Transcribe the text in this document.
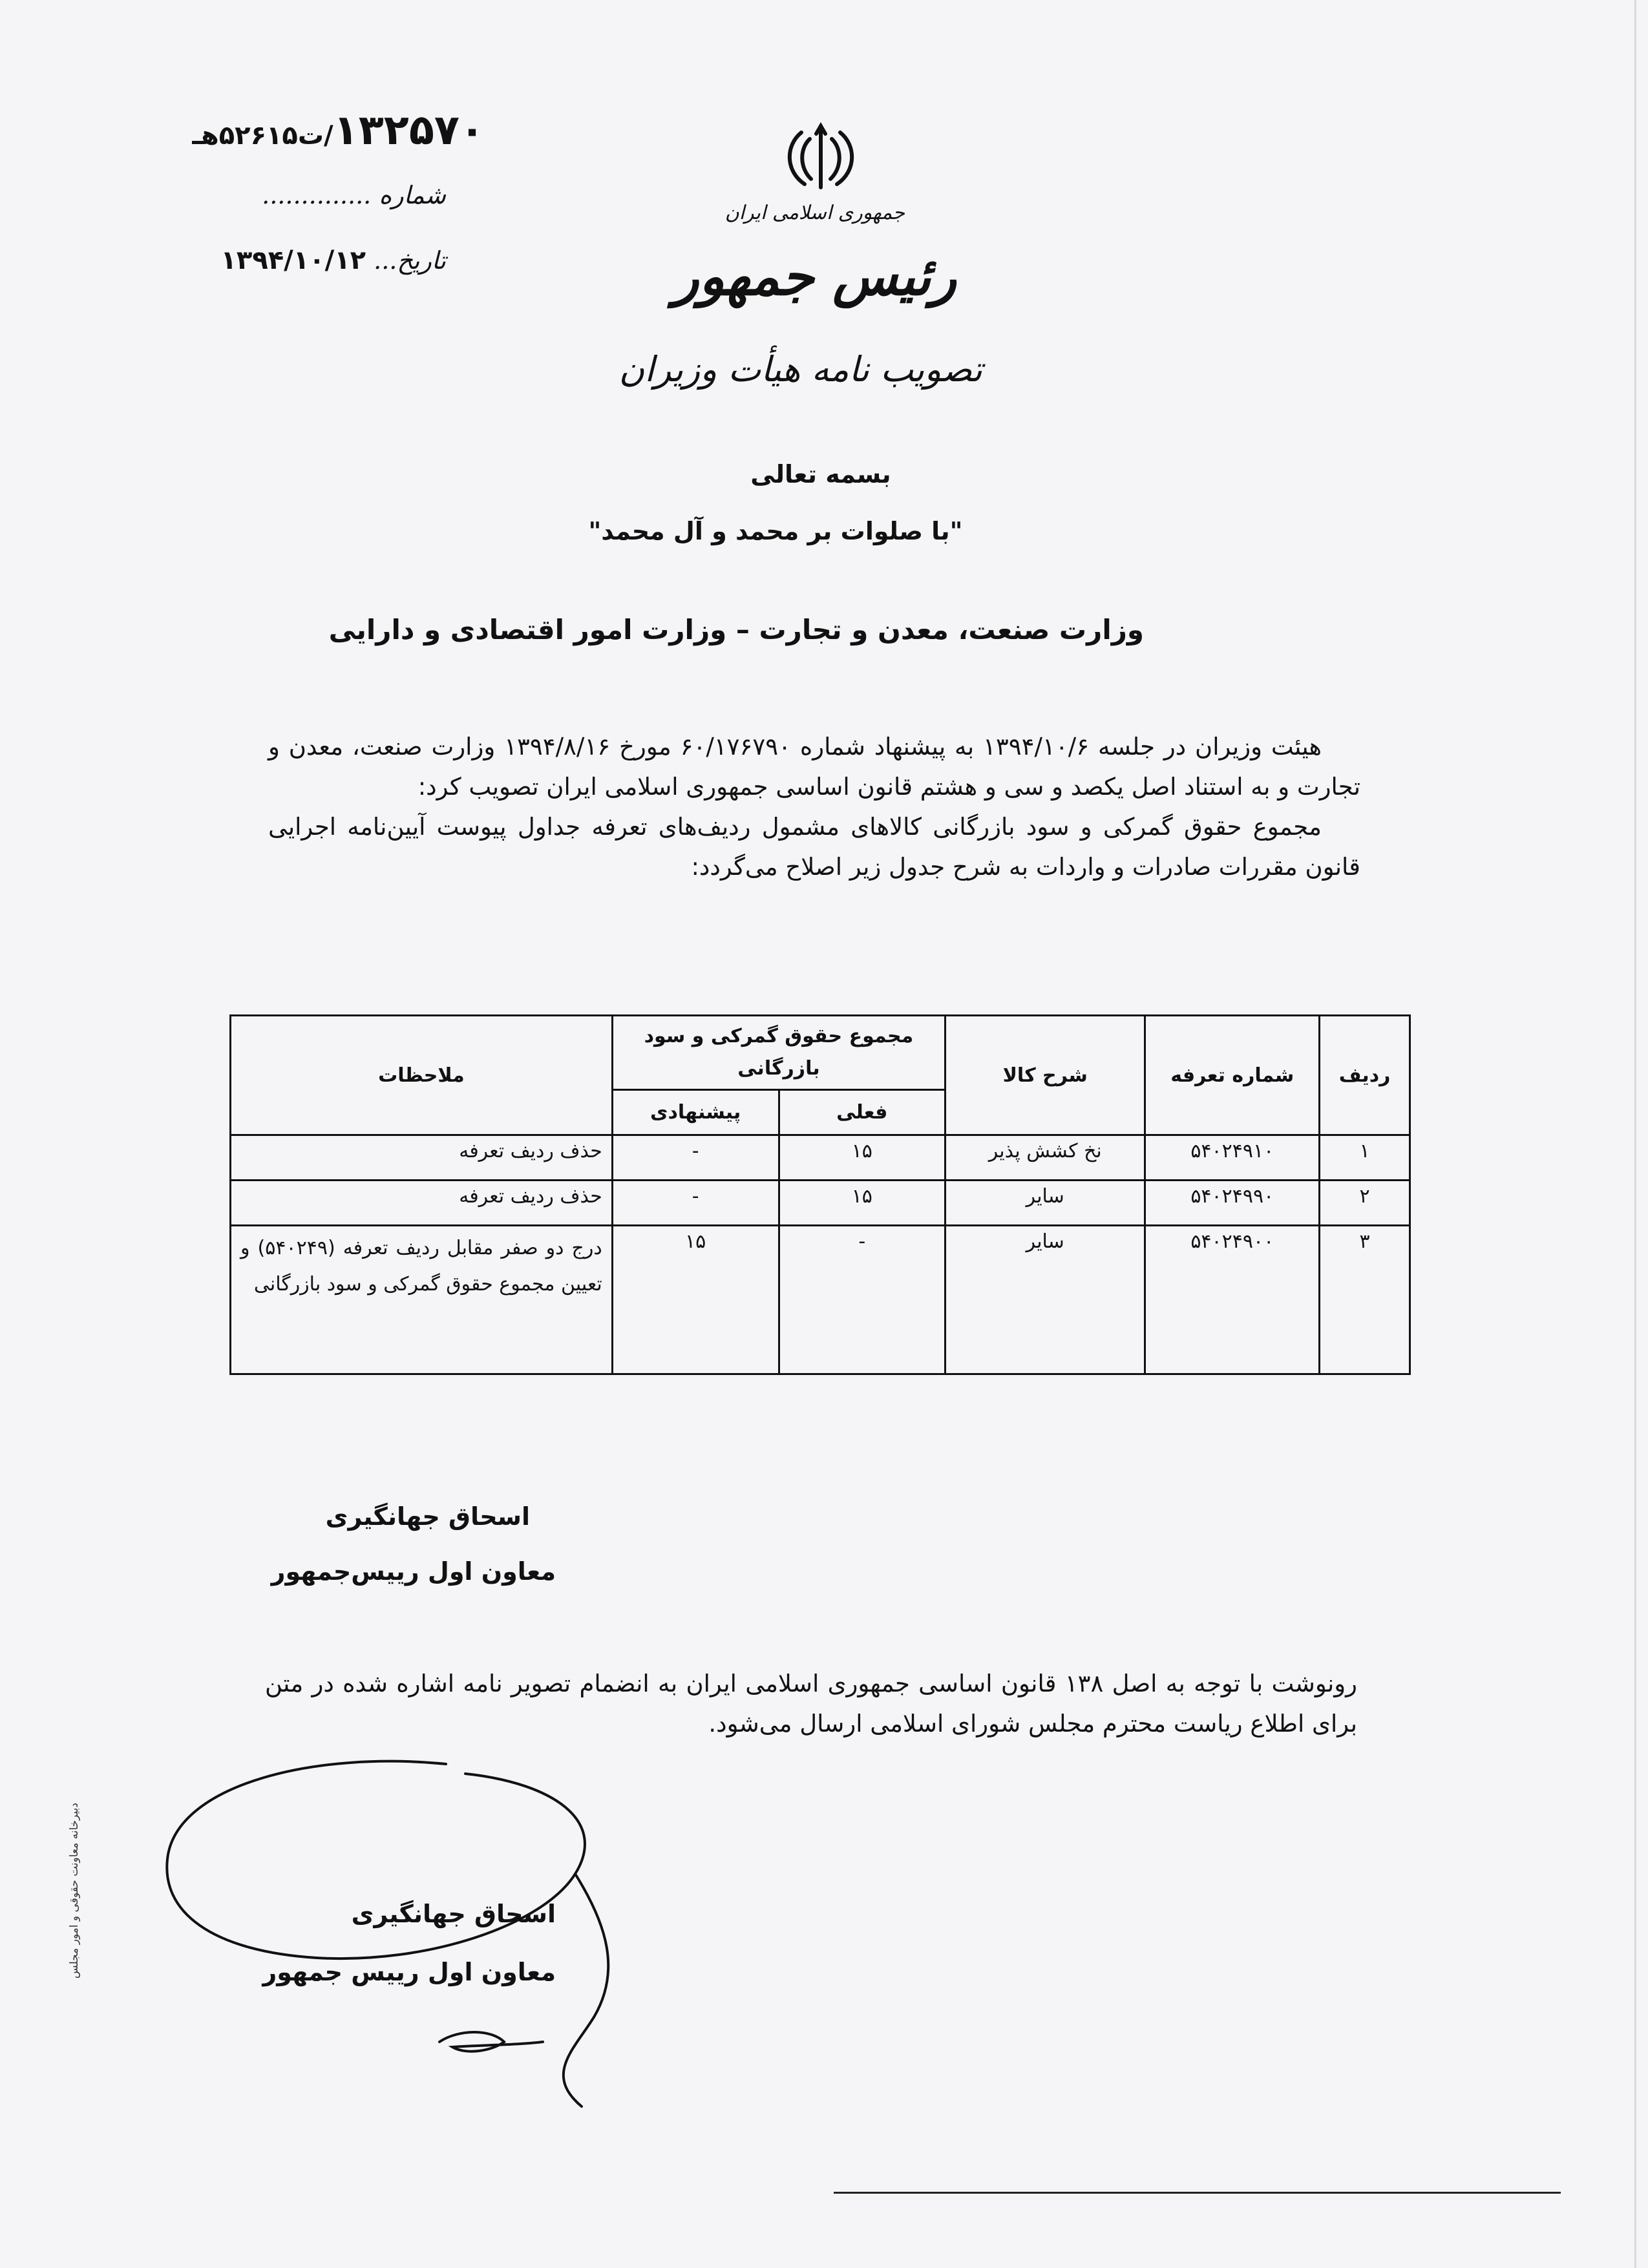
۱۳۲۵۷۰/ت۵۲۶۱۵هـ
شماره ..............
تاریخ... ۱۳۹۴/۱۰/۱۲
جمهوری اسلامی ایران
رئیس جمهور
تصویب نامه هیأت وزیران
بسمه تعالی
"با صلوات بر محمد و آل محمد"
وزارت صنعت، معدن و تجارت – وزارت امور اقتصادی و دارایی

هیئت وزیران در جلسه ۱۳۹۴/۱۰/۶ به پیشنهاد شماره ۶۰/۱۷۶۷۹۰ مورخ ۱۳۹۴/۸/۱۶ وزارت صنعت، معدن و تجارت و به استناد اصل یکصد و سی و هشتم قانون اساسی جمهوری اسلامی ایران تصویب کرد:

مجموع حقوق گمرکی و سود بازرگانی کالاهای مشمول ردیف‌های تعرفه جداول پیوست آیین‌نامه اجرایی قانون مقررات صادرات و واردات به شرح جدول زیر اصلاح می‌گردد:

ردیف	شماره تعرفه	شرح کالا	مجموع حقوق گمرکی و سود بازرگانی		ملاحظات
			فعلی	پیشنهادی	
۱	۵۴۰۲۴۹۱۰	نخ کشش پذیر	۱۵	-	حذف ردیف تعرفه
۲	۵۴۰۲۴۹۹۰	سایر	۱۵	-	حذف ردیف تعرفه
۳	۵۴۰۲۴۹۰۰	سایر	-	۱۵	درج دو صفر مقابل ردیف تعرفه (۵۴۰۲۴۹) و تعیین مجموع حقوق گمرکی و سود بازرگانی
اسحاق جهانگیری
معاون اول رییس‌جمهور
رونوشت با توجه به اصل ۱۳۸ قانون اساسی جمهوری اسلامی ایران به انضمام تصویر نامه اشاره شده در متن برای اطلاع ریاست محترم مجلس شورای اسلامی ارسال می‌شود.
اسحاق جهانگیری
معاون اول رییس جمهور
دبیرخانه معاونت حقوقی و امور مجلس
